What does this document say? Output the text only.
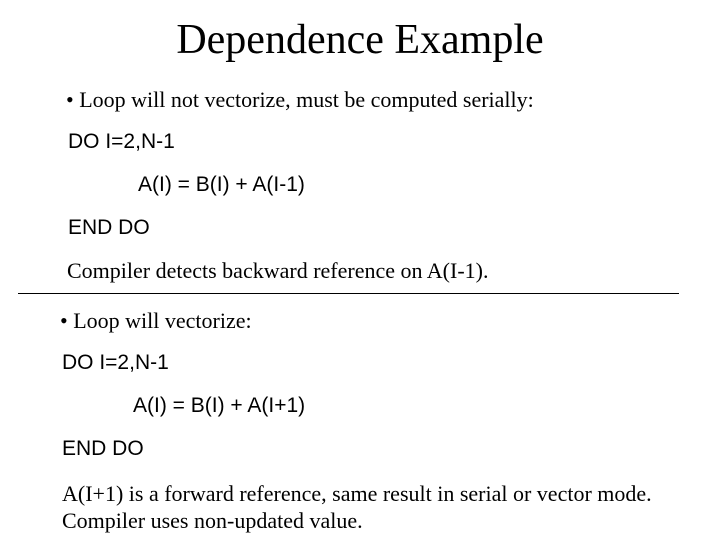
Dependence Example
• Loop will not vectorize, must be computed serially:
DO I=2,N-1
A(I) = B(I) + A(I-1)
END DO
Compiler detects backward reference on A(I-1).
• Loop will vectorize:
DO I=2,N-1
A(I) = B(I) + A(I+1)
END DO
A(I+1) is a forward reference, same result in serial or vector mode. Compiler uses non-updated value.
